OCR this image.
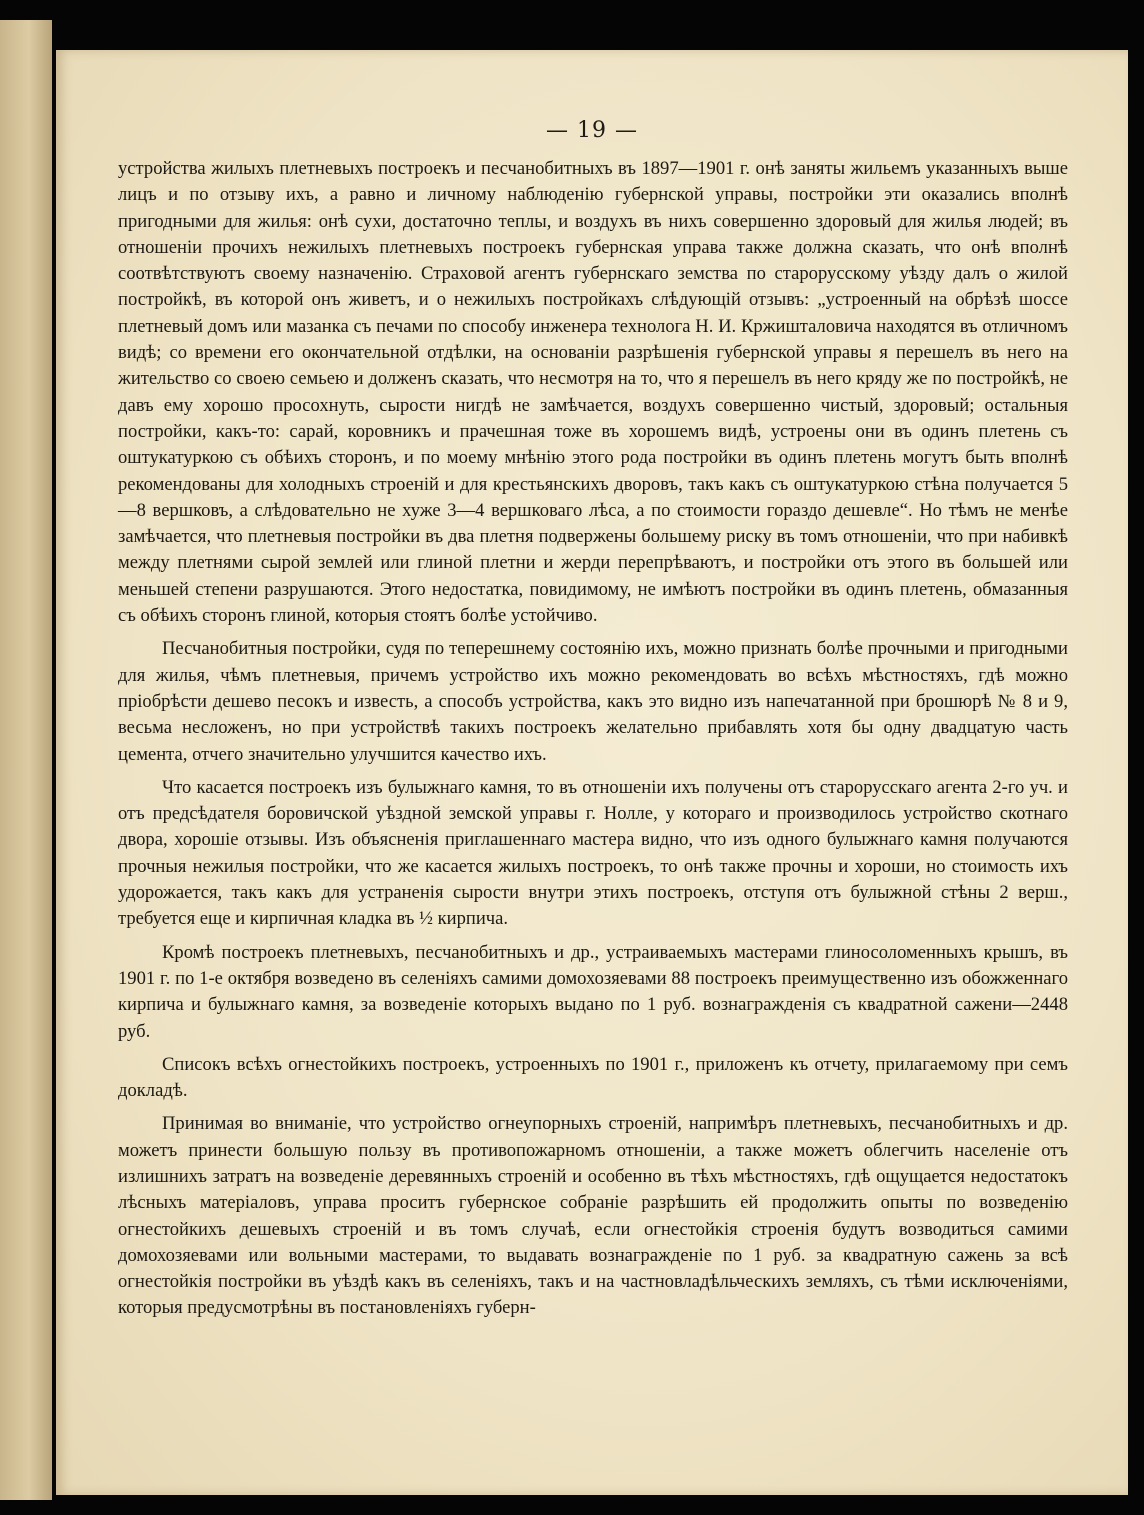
— 19 —

устройства жилыхъ плетневыхъ построекъ и песчанобитныхъ въ 1897—1901 г. онѣ заняты жильемъ указанныхъ выше лицъ и по отзыву ихъ, а равно и личному наблюденію губернской управы, постройки эти оказались вполнѣ пригодными для жилья: онѣ сухи, достаточно теплы, и воздухъ въ нихъ совершенно здоровый для жилья людей; въ отношеніи прочихъ нежилыхъ плетневыхъ построекъ губернская управа также должна сказать, что онѣ вполнѣ соотвѣтствуютъ своему назначенію. Страховой агентъ губернскаго земства по старорусскому уѣзду далъ о жилой постройкѣ, въ которой онъ живетъ, и о нежилыхъ постройкахъ слѣдующій отзывъ: „устроенный на обрѣзѣ шоссе плетневый домъ или мазанка съ печами по способу инженера технолога Н. И. Кржишталовича находятся въ отличномъ видѣ; со времени его окончательной отдѣлки, на основаніи разрѣшенія губернской управы я перешелъ въ него на жительство со своею семьею и долженъ сказать, что несмотря на то, что я перешелъ въ него кряду же по постройкѣ, не давъ ему хорошо просохнуть, сырости нигдѣ не замѣчается, воздухъ совершенно чистый, здоровый; остальныя постройки, какъ-то: сарай, коровникъ и прачешная тоже въ хорошемъ видѣ, устроены они въ одинъ плетень съ оштукатуркою съ обѣихъ сторонъ, и по моему мнѣнію этого рода постройки въ одинъ плетень могутъ быть вполнѣ рекомендованы для холодныхъ строеній и для крестьянскихъ дворовъ, такъ какъ съ оштукатуркою стѣна получается 5—8 вершковъ, а слѣдовательно не хуже 3—4 вершковаго лѣса, а по стоимости гораздо дешевле“. Но тѣмъ не менѣе замѣчается, что плетневыя постройки въ два плетня подвержены большему риску въ томъ отношеніи, что при набивкѣ между плетнями сырой землей или глиной плетни и жерди перепрѣваютъ, и постройки отъ этого въ большей или меньшей степени разрушаются. Этого недостатка, повидимому, не имѣютъ постройки въ одинъ плетень, обмазанныя съ обѣихъ сторонъ глиной, которыя стоятъ болѣе устойчиво.

Песчанобитныя постройки, судя по теперешнему состоянію ихъ, можно признать болѣе прочными и пригодными для жилья, чѣмъ плетневыя, причемъ устройство ихъ можно рекомендовать во всѣхъ мѣстностяхъ, гдѣ можно пріобрѣсти дешево песокъ и известь, а способъ устройства, какъ это видно изъ напечатанной при брошюрѣ № 8 и 9, весьма несложенъ, но при устройствѣ такихъ построекъ желательно прибавлять хотя бы одну двадцатую часть цемента, отчего значительно улучшится качество ихъ.

Что касается построекъ изъ булыжнаго камня, то въ отношеніи ихъ получены отъ старорусскаго агента 2-го уч. и отъ предсѣдателя боровичской уѣздной земской управы г. Нолле, у котораго и производилось устройство скотнаго двора, хорошіе отзывы. Изъ объясненія приглашеннаго мастера видно, что изъ одного булыжнаго камня получаются прочныя нежилыя постройки, что же касается жилыхъ построекъ, то онѣ также прочны и хороши, но стоимость ихъ удорожается, такъ какъ для устраненія сырости внутри этихъ построекъ, отступя отъ булыжной стѣны 2 верш., требуется еще и кирпичная кладка въ ½ кирпича.

Кромѣ построекъ плетневыхъ, песчанобитныхъ и др., устраиваемыхъ мастерами глиносоломенныхъ крышъ, въ 1901 г. по 1-е октября возведено въ селеніяхъ самими домохозяевами 88 построекъ преимущественно изъ обожженнаго кирпича и булыжнаго камня, за возведеніе которыхъ выдано по 1 руб. вознагражденія съ квадратной сажени—2448 руб.

Списокъ всѣхъ огнестойкихъ построекъ, устроенныхъ по 1901 г., приложенъ къ отчету, прилагаемому при семъ докладѣ.

Принимая во вниманіе, что устройство огнеупорныхъ строеній, напримѣръ плетневыхъ, песчанобитныхъ и др. можетъ принести большую пользу въ противопожарномъ отношеніи, а также можетъ облегчить населеніе отъ излишнихъ затратъ на возведеніе деревянныхъ строеній и особенно въ тѣхъ мѣстностяхъ, гдѣ ощущается недостатокъ лѣсныхъ матеріаловъ, управа проситъ губернское собраніе разрѣшить ей продолжить опыты по возведенію огнестойкихъ дешевыхъ строеній и въ томъ случаѣ, если огнестойкія строенія будутъ возводиться самими домохозяевами или вольными мастерами, то выдавать вознагражденіе по 1 руб. за квадратную сажень за всѣ огнестойкія постройки въ уѣздѣ какъ въ селеніяхъ, такъ и на частновладѣльческихъ земляхъ, съ тѣми исключеніями, которыя предусмотрѣны въ постановленіяхъ губерн-
